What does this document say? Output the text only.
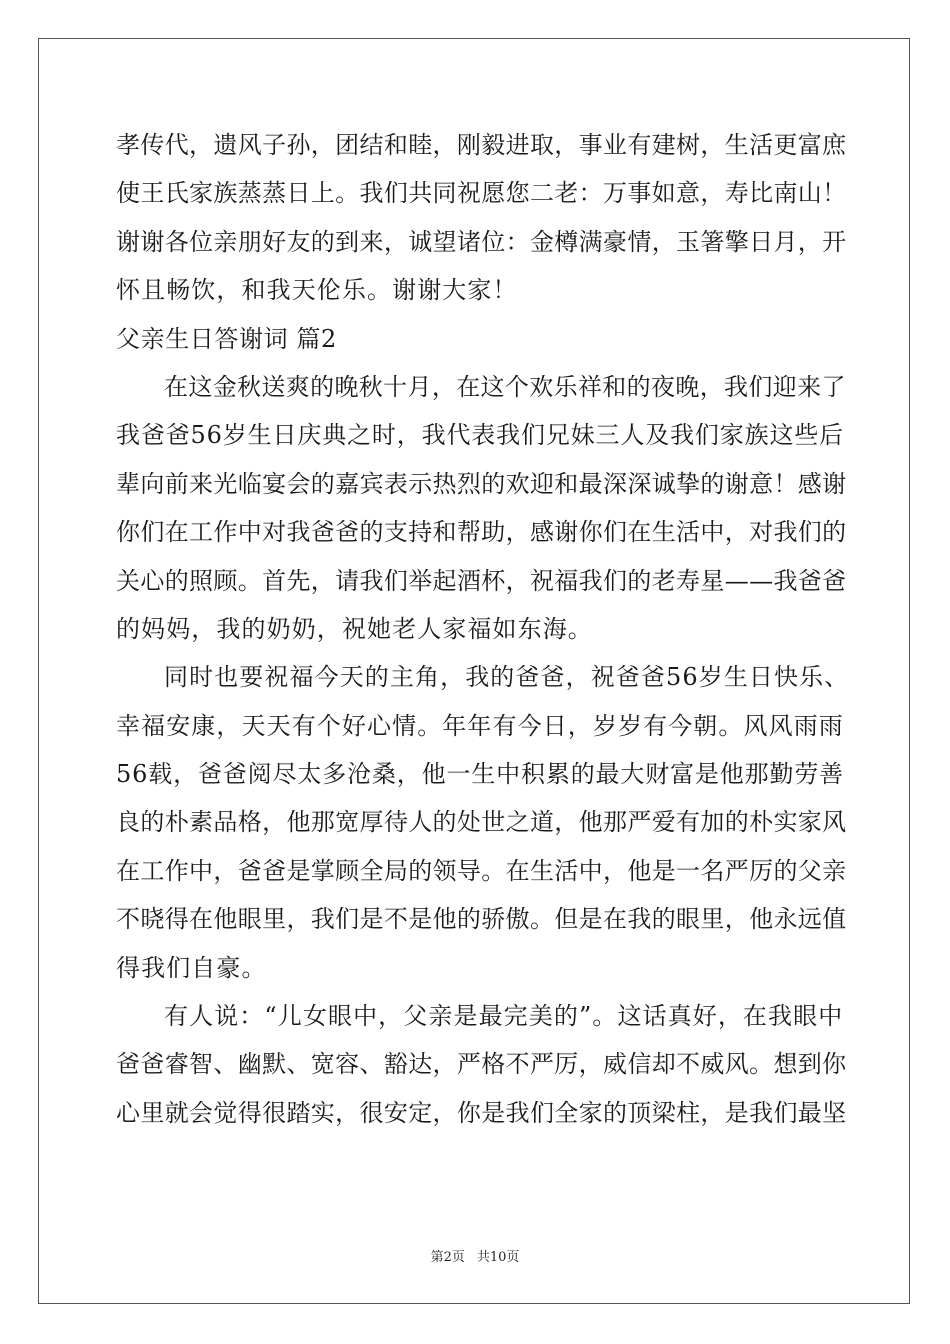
孝传代，遗风子孙，团结和睦，刚毅进取，事业有建树，生活更富庶
使王氏家族蒸蒸日上。我们共同祝愿您二老：万事如意，寿比南山！
谢谢各位亲朋好友的到来，诚望诸位：金樽满豪情，玉箸擎日月，开
怀且畅饮，和我天伦乐。谢谢大家！
父亲生日答谢词 篇2
在这金秋送爽的晚秋十月，在这个欢乐祥和的夜晚，我们迎来了
我爸爸56岁生日庆典之时，我代表我们兄妹三人及我们家族这些后
辈向前来光临宴会的嘉宾表示热烈的欢迎和最深深诚挚的谢意！感谢
你们在工作中对我爸爸的支持和帮助，感谢你们在生活中，对我们的
关心的照顾。首先，请我们举起酒杯，祝福我们的老寿星——我爸爸
的妈妈，我的奶奶，祝她老人家福如东海。
同时也要祝福今天的主角，我的爸爸，祝爸爸56岁生日快乐、
幸福安康，天天有个好心情。年年有今日，岁岁有今朝。风风雨雨
56载，爸爸阅尽太多沧桑，他一生中积累的最大财富是他那勤劳善
良的朴素品格，他那宽厚待人的处世之道，他那严爱有加的朴实家风
在工作中，爸爸是掌顾全局的领导。在生活中，他是一名严厉的父亲
不晓得在他眼里，我们是不是他的骄傲。但是在我的眼里，他永远值
得我们自豪。
有人说：“儿女眼中，父亲是最完美的”。这话真好，在我眼中
爸爸睿智、幽默、宽容、豁达，严格不严厉，威信却不威风。想到你
心里就会觉得很踏实，很安定，你是我们全家的顶梁柱，是我们最坚
第2页 共10页
